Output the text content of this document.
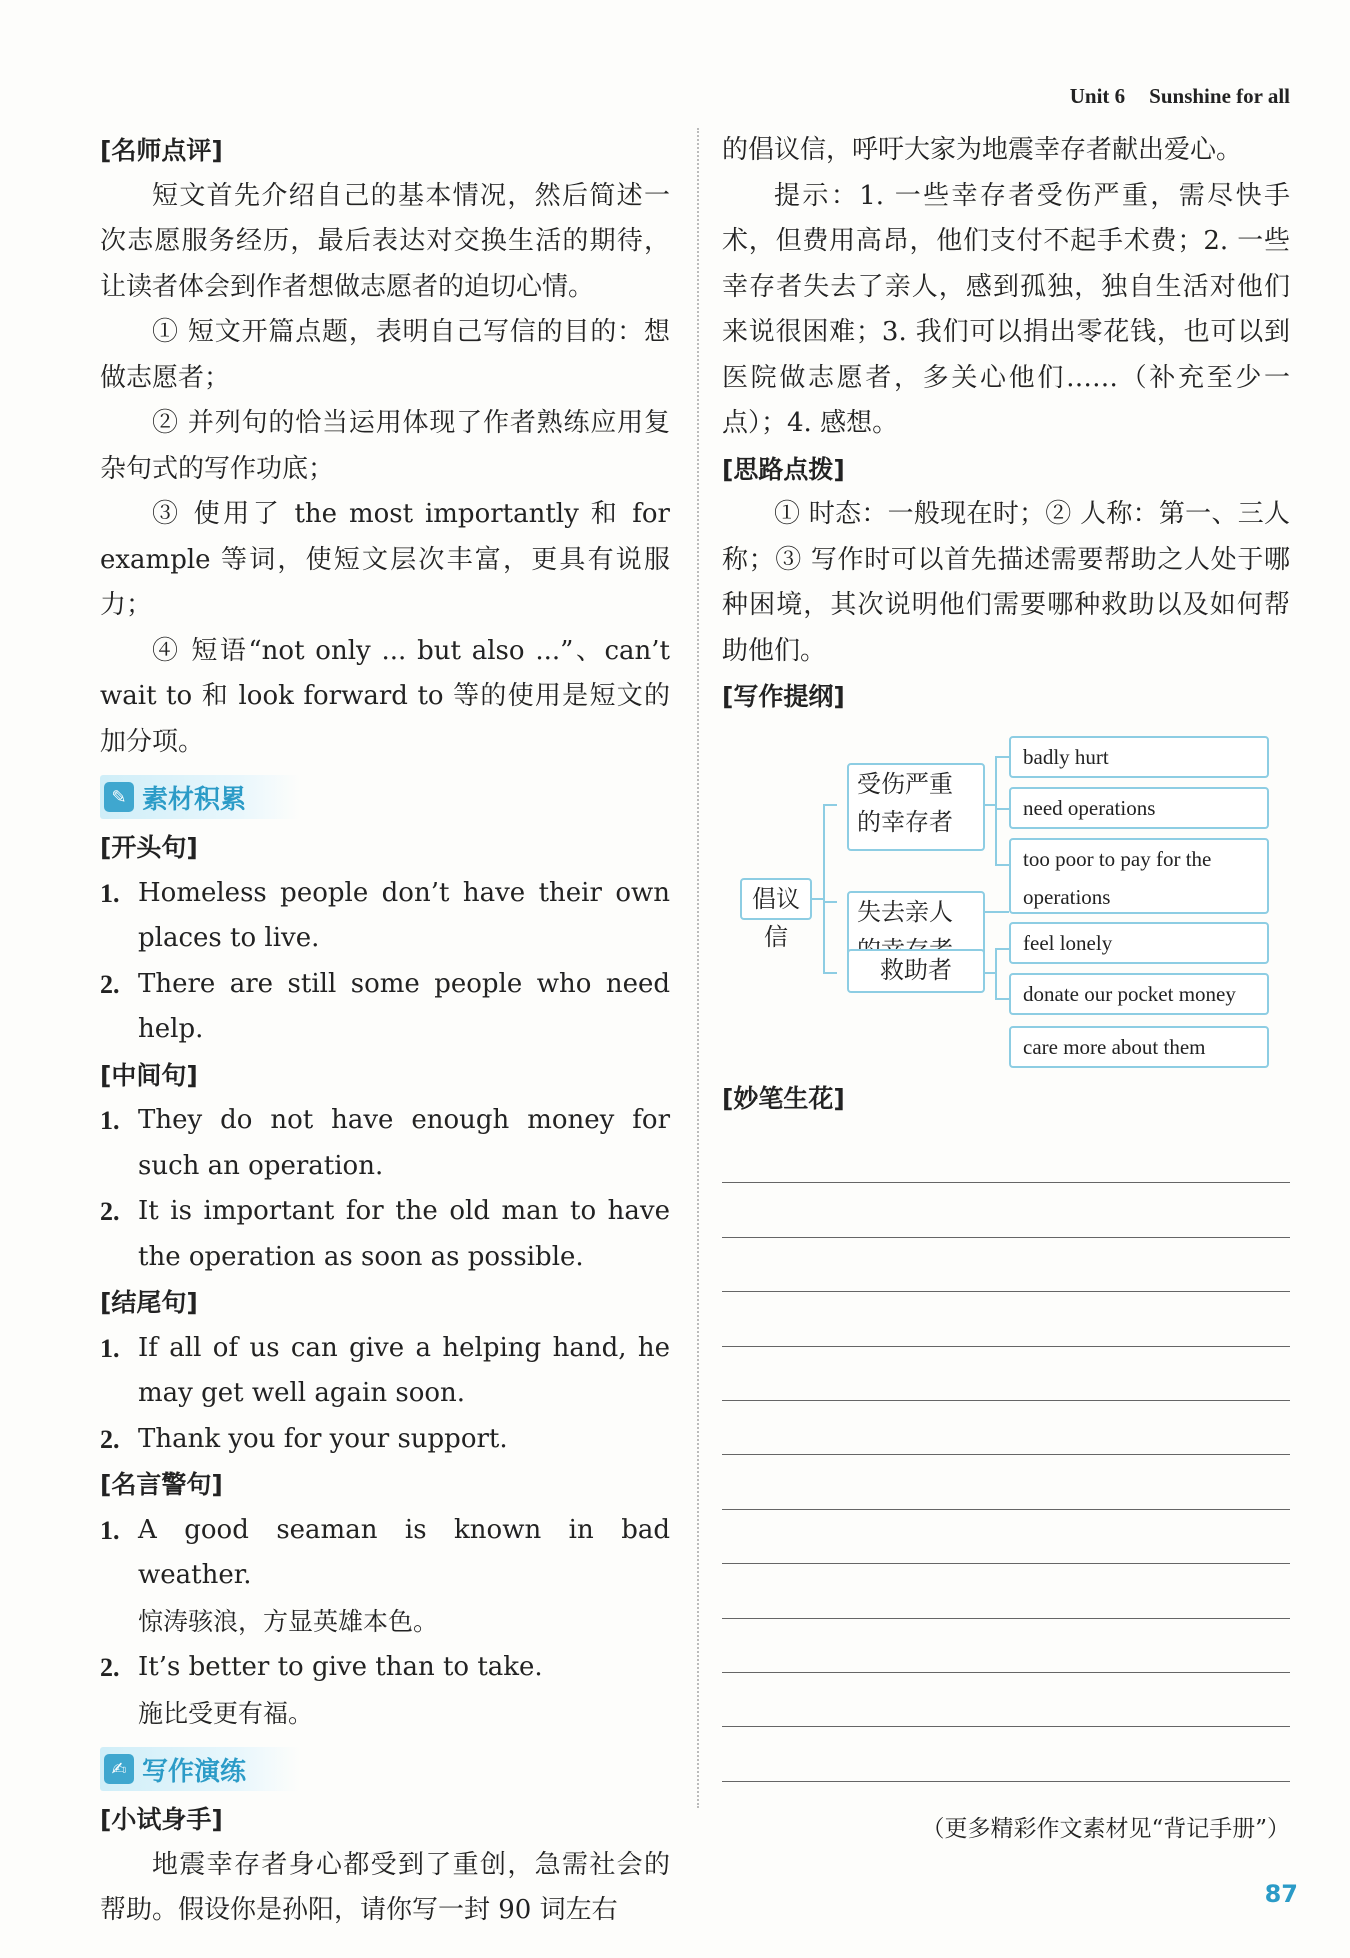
Unit 6 Sunshine for all
[名师点评]

短文首先介绍自己的基本情况，然后简述一次志愿服务经历，最后表达对交换生活的期待，让读者体会到作者想做志愿者的迫切心情。

① 短文开篇点题，表明自己写信的目的：想做志愿者；

② 并列句的恰当运用体现了作者熟练应用复杂句式的写作功底；

③ 使用了 the most importantly 和 for example 等词，使短文层次丰富，更具有说服力；

④ 短语“not only ... but also ...”、can’t wait to 和 look forward to 等的使用是短文的加分项。

✎ 素材积累
[开头句]
1. Homeless people don’t have their own places to live.
2. There are still some people who need help.
[中间句]
1. They do not have enough money for such an operation.
2. It is important for the old man to have the operation as soon as possible.
[结尾句]
1. If all of us can give a helping hand, he may get well again soon.
2. Thank you for your support.
[名言警句]
1. A good seaman is known in bad weather.
惊涛骇浪，方显英雄本色。
2. It’s better to give than to take.
施比受更有福。
✍ 写作演练
[小试身手]

地震幸存者身心都受到了重创，急需社会的帮助。假设你是孙阳，请你写一封 90 词左右

的倡议信，呼吁大家为地震幸存者献出爱心。

提示：1. 一些幸存者受伤严重，需尽快手术，但费用高昂，他们支付不起手术费；2. 一些幸存者失去了亲人，感到孤独，独自生活对他们来说很困难；3. 我们可以捐出零花钱，也可以到医院做志愿者，多关心他们……（补充至少一点）；4. 感想。

[思路点拨]

① 时态：一般现在时；② 人称：第一、三人称；③ 写作时可以首先描述需要帮助之人处于哪种困境，其次说明他们需要哪种救助以及如何帮助他们。

[写作提纲]
倡议信
受伤严重的幸存者
失去亲人
救助者
badly hurt
need operations
too poor to pay for the operations
feel lonely
donate our pocket money
care more about them
[妙笔生花]
（更多精彩作文素材见“背记手册”）
87
